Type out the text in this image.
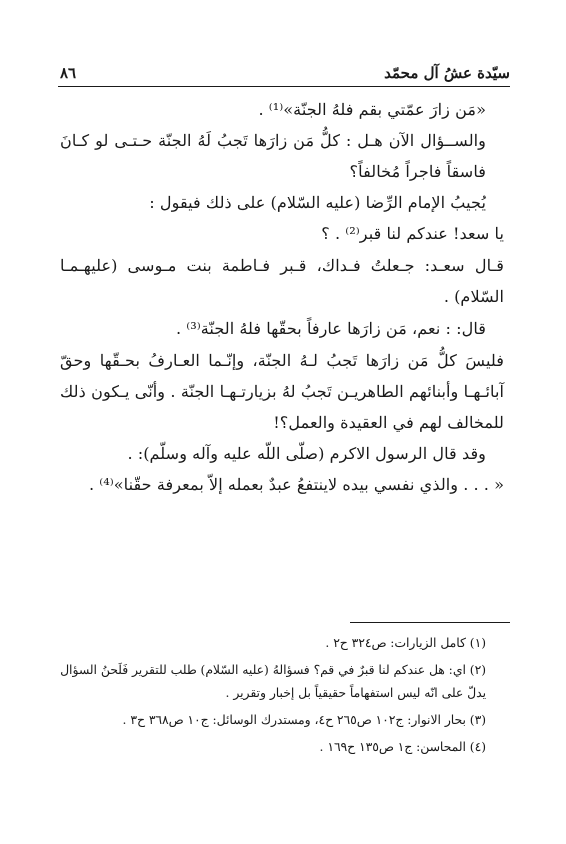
سيّدة عشُ آل محمّد
٨٦

«مَن زارَ عمّتي بقم فلهُ الجنّة»⁽¹⁾ .

والســؤال الآن هـل : كلُّ مَن زارَها تَجبُ لَهُ الجنّة حـتـى لو كـانَ فاسقاً فاجراً مُخالفاً؟

يُجيبُ الإمام الرِّضا (عليه السّلام) على ذلك فيقول :

يا سعد! عندكم لنا قبر⁽²⁾ . ؟

قـال سعـد: جـعلتُ فـداك، قـبر فـاطمة بنت مـوسى (عليهـمـا السّلام) .

قال: : نعم، مَن زارَها عارفاً بحقّها فلهُ الجنّة⁽³⁾ .

فليسَ كلُّ مَن زارَها تَجبُ لـهُ الجنّة، وإنّـما العـارفُ بحـقّها وحقّ آبائـهـا وأبنائهم الطاهريـن تَجبُ لهُ بزيارتـهـا الجنّة . وأنّى يـكون ذلك للمخالف لهم في العقيدة والعمل؟!

وقد قال الرسول الاكرم (صلّى اللّه عليه وآله وسلّم): .

« . . . والذي نفسي بيده لاينتفعُ عبدٌ بعمله إلاّ بمعرفة حقّنا»⁽⁴⁾ .

(١) كامل الزيارات: ص٣٢٤ ح٢ .

(٢) اي: هل عندكم لنا قبرٌ في قم؟ فسؤالهُ (عليه السّلام) طلب للتقرير فَلَحنُ السؤال

يدلّ على انّه ليس استفهاماً حقيقياً بل إخبار وتقرير .

(٣) بحار الانوار: ج١٠٢ ص٢٦٥ ح٤، ومستدرك الوسائل: ج١٠ ص٣٦٨ ح٣ .

(٤) المحاسن: ج١ ص١٣٥ ح١٦٩ .
